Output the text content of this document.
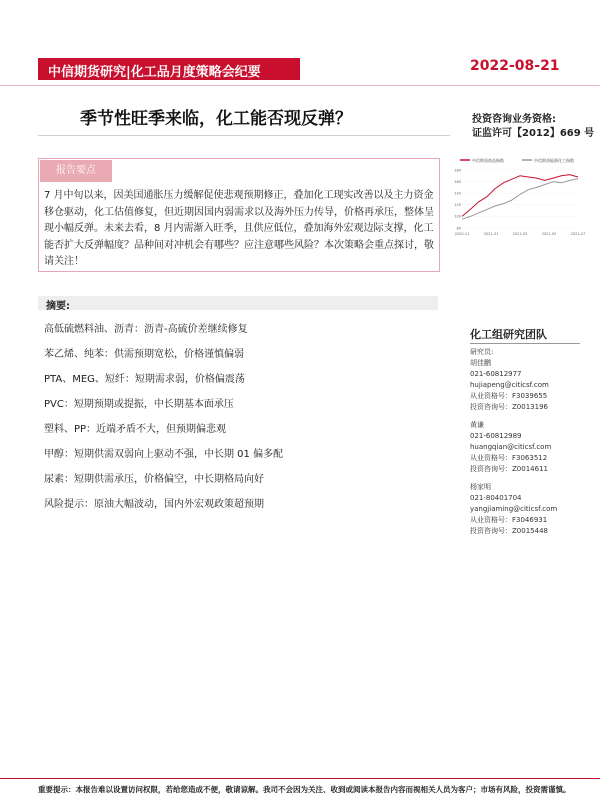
中信期货研究|化工品月度策略会纪要	2022-08-21
季节性旺季来临，化工能否现反弹？	投资咨询业务资格:
证监许可【2012】669 号
报告要点
7 月中旬以来，因美国通胀压力缓解促使悲观预期修正，叠加化工现实改善以及主力资金移仓驱动，化工估值修复，但近期因国内弱需求以及海外压力传导，价格再承压，整体呈现小幅反弹。未来去看，8 月内需渐入旺季，且供应低位，叠加海外宏观边际支撑，化工能否扩大反弹幅度？品种间对冲机会有哪些？应注意哪些风险？本次策略会重点探讨，敬请关注！
摘要:
高低硫燃料油、沥青：沥青-高硫价差继续修复
苯乙烯、纯苯：供需预期宽松，价格谨慎偏弱
PTA、MEG、短纤：短期需求弱，价格偏震荡
PVC：短期预期或提振，中长期基本面承压
塑料、PP：近端矛盾不大，但预期偏悲观
甲醇：短期供需双弱向上驱动不强，中长期 01 偏多配
尿素：短期供需承压，价格偏空，中长期格局向好
风险提示：原油大幅波动，国内外宏观政策超预期
中信期货商品指数	中信期货能源化工指数
180
160
140
120
100
80
2020-11	2021-01	2021-03	2021-05	2021-07
化工组研究团队
研究员:
胡佳鹏
021-60812977
hujiapeng@citicsf.com
从业资格号：F3039655
投资咨询号：Z0013196
黄谦
021-60812989
huangqian@citicsf.com
从业资格号：F3063512
投资咨询号：Z0014611
杨家明
021-80401704
yangjiaming@citicsf.com
从业资格号：F3046931
投资咨询号：Z0015448
重要提示：本报告难以设置访问权限，若给您造成不便，敬请谅解。我司不会因为关注、收到或阅读本报告内容而视相关人员为客户；市场有风险，投资需谨慎。
